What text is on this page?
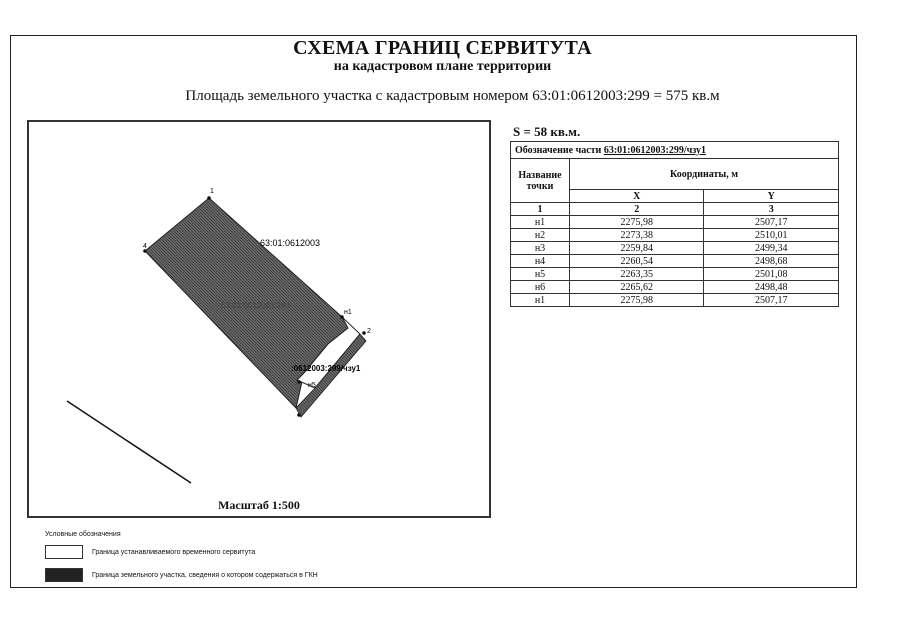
СХЕМА ГРАНИЦ СЕРВИТУТА
на кадастровом плане территории
Площадь земельного участка с кадастровым номером 63:01:0612003:299 = 575 кв.м
1
4
н1
2
н5
63:01:0612003
63:01:0612003:299
:0612003:299/чзу1
Масштаб 1:500
S = 58 кв.м.
Обозначение части 63:01:0612003:299/чзу1		
Название точки	Координаты, м	
	X	Y
1	2	3
н1	2275,98	2507,17
н2	2273,38	2510,01
н3	2259,84	2499,34
н4	2260,54	2498,68
н5	2263,35	2501,08
н6	2265,62	2498,48
н1	2275,98	2507,17
Условные обозначения
Граница устанавливаемого временного сервитута
Граница земельного участка, сведения о котором содержаться в ГКН
